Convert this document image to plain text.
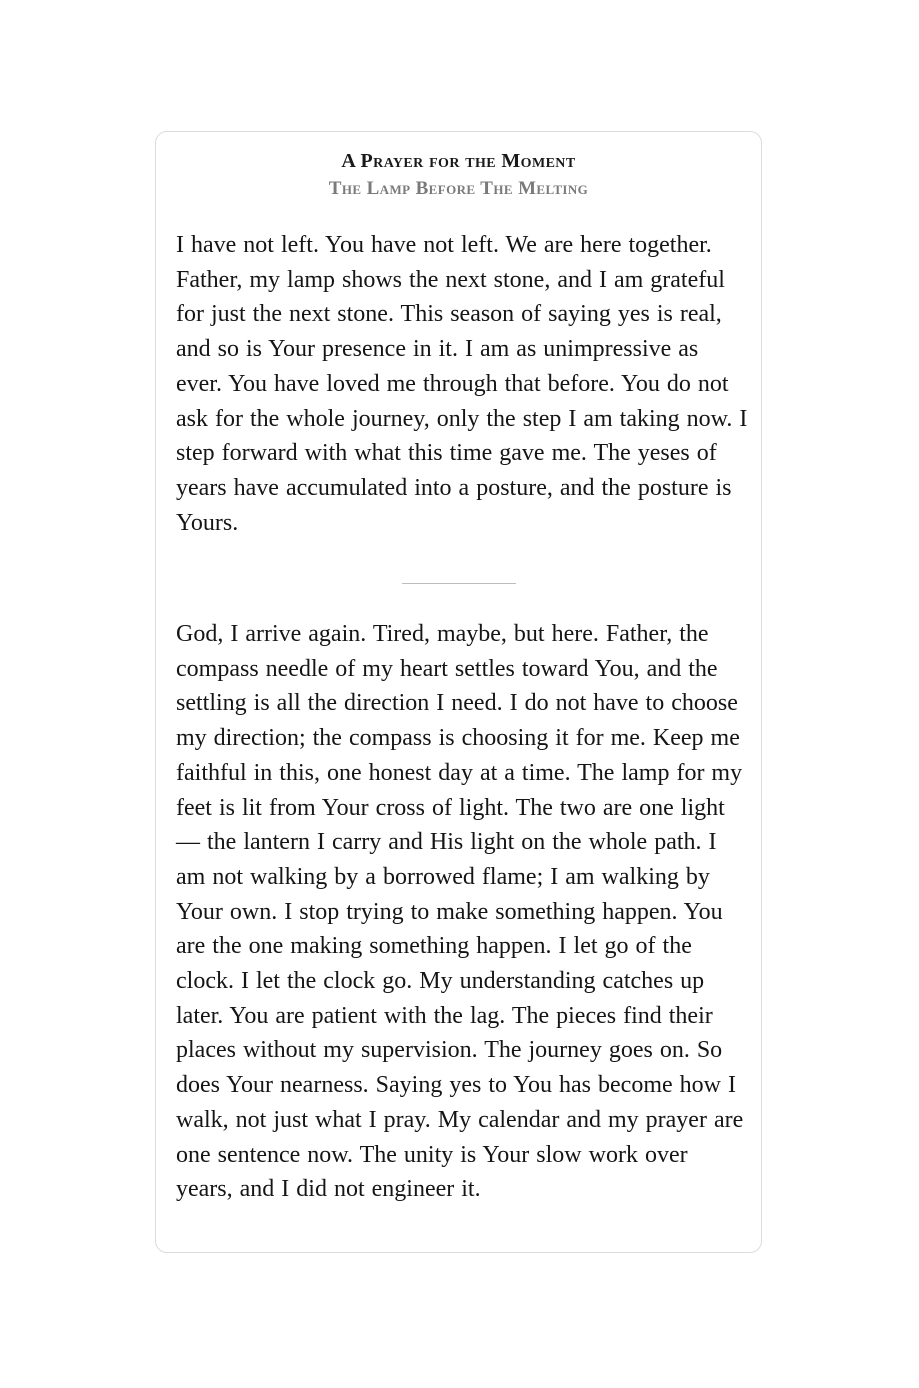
A Prayer for the Moment
The Lamp Before The Melting

I have not left. You have not left. We are here together. Father, my lamp shows the next stone, and I am grateful for just the next stone. This season of saying yes is real, and so is Your presence in it. I am as unimpressive as ever. You have loved me through that before. You do not ask for the whole journey, only the step I am taking now. I step forward with what this time gave me. The yeses of years have accumulated into a posture, and the posture is Yours.

God, I arrive again. Tired, maybe, but here. Father, the compass needle of my heart settles toward You, and the settling is all the direction I need. I do not have to choose my direction; the compass is choosing it for me. Keep me faithful in this, one honest day at a time. The lamp for my feet is lit from Your cross of light. The two are one light — the lantern I carry and His light on the whole path. I am not walking by a borrowed flame; I am walking by Your own. I stop trying to make something happen. You are the one making something happen. I let go of the clock. I let the clock go. My understanding catches up later. You are patient with the lag. The pieces find their places without my supervision. The journey goes on. So does Your nearness. Saying yes to You has become how I walk, not just what I pray. My calendar and my prayer are one sentence now. The unity is Your slow work over years, and I did not engineer it.
